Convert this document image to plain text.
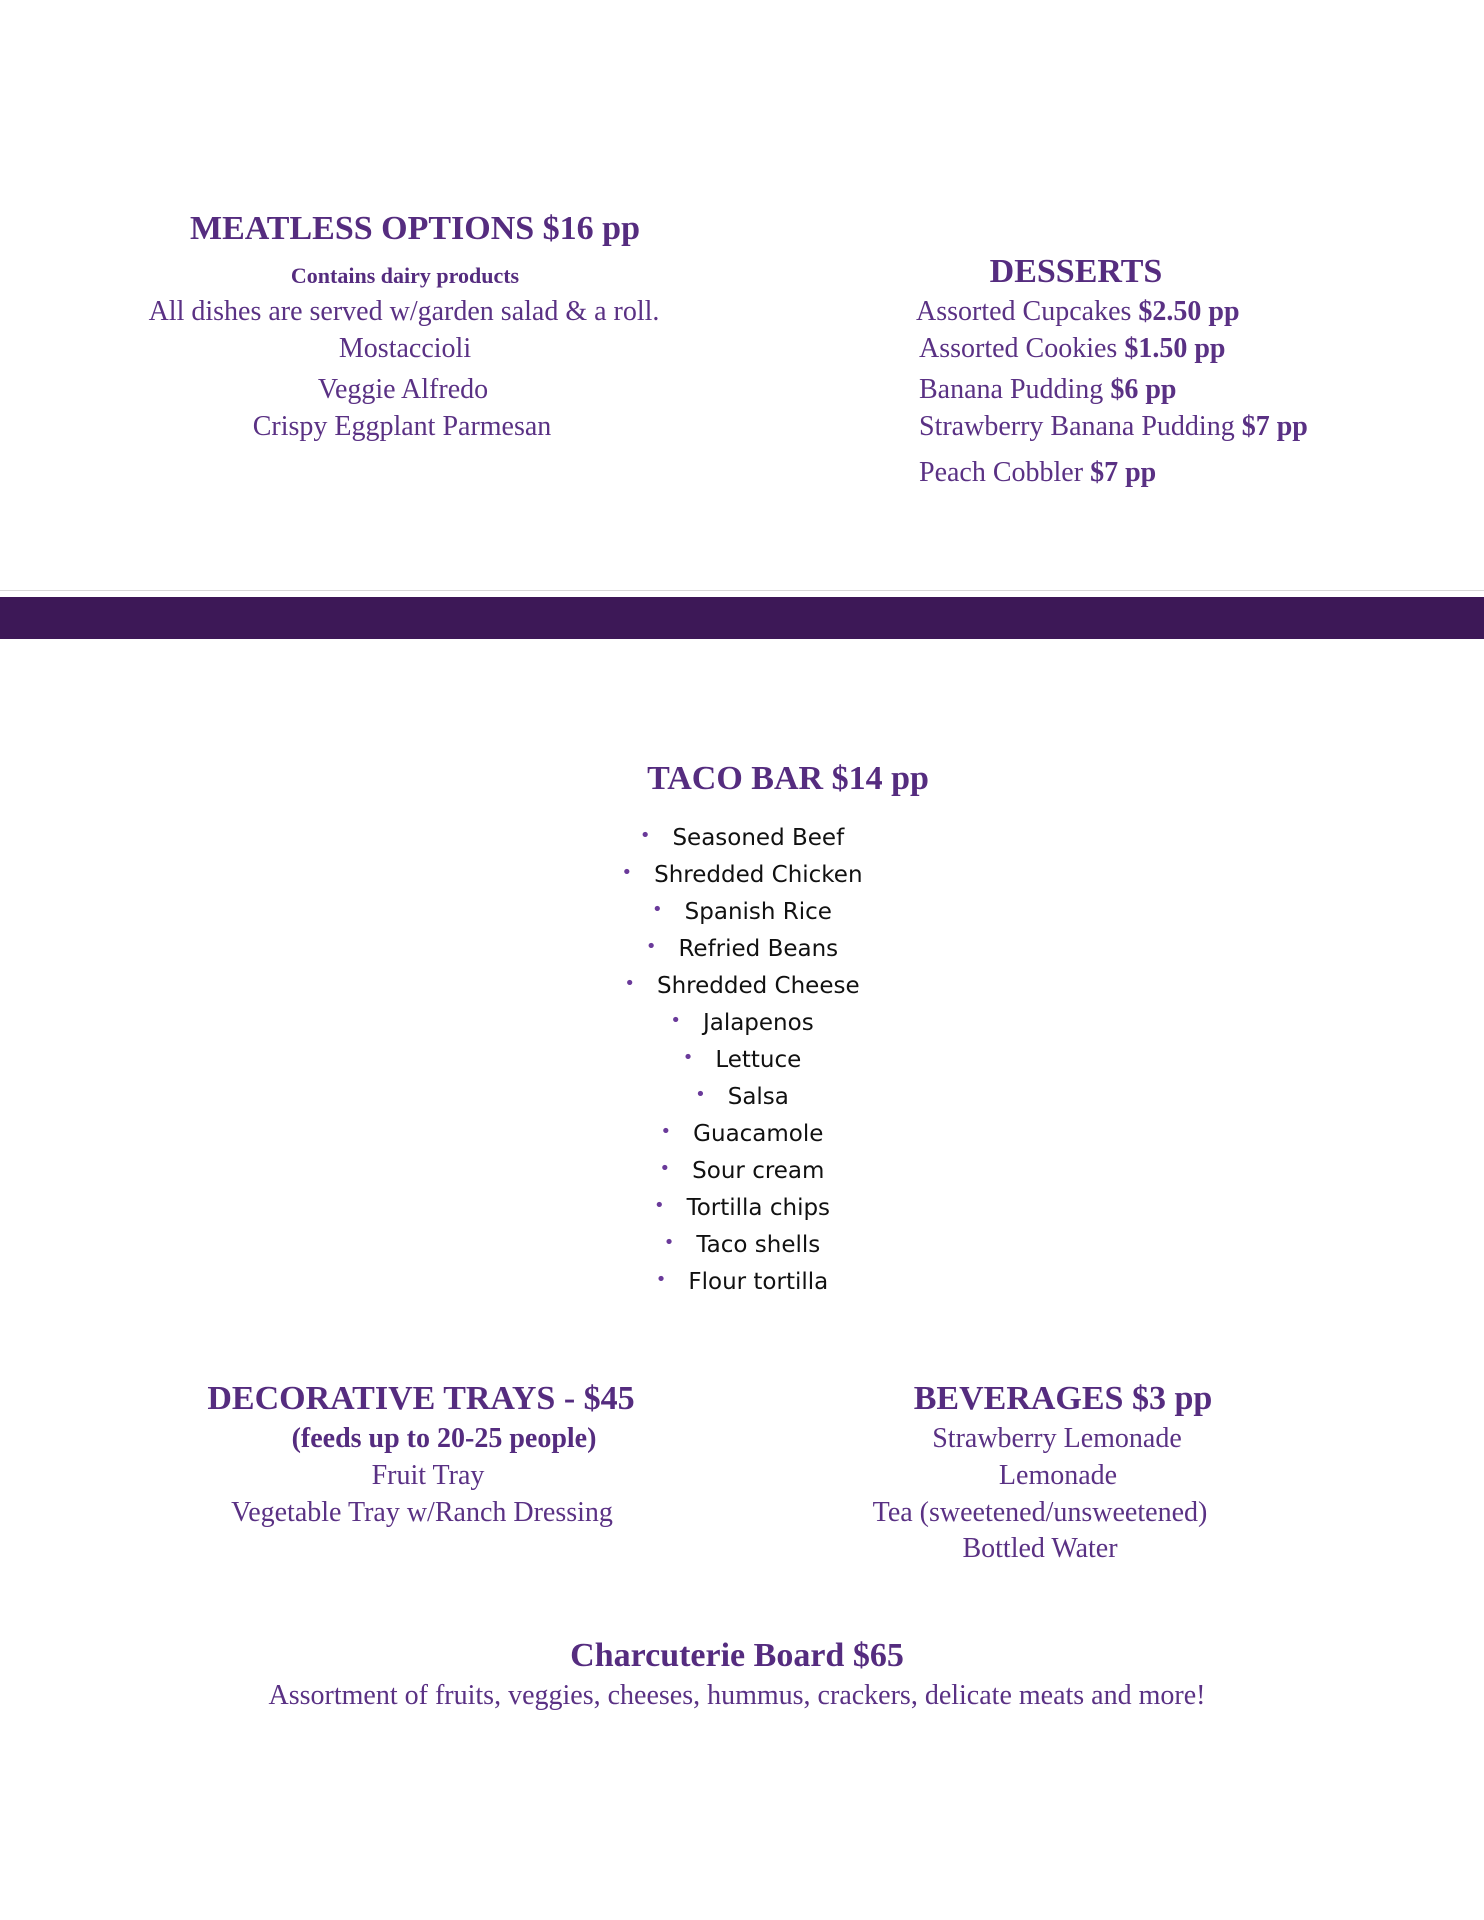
MEATLESS OPTIONS $16 pp
Contains dairy products
All dishes are served w/garden salad & a roll.
Mostaccioli
Veggie Alfredo
Crispy Eggplant Parmesan
DESSERTS
Assorted Cupcakes $2.50 pp
Assorted Cookies $1.50 pp
Banana Pudding $6 pp
Strawberry Banana Pudding $7 pp
Peach Cobbler $7 pp
TACO BAR $14 pp
• Seasoned Beef
• Shredded Chicken
• Spanish Rice
• Refried Beans
• Shredded Cheese
• Jalapenos
• Lettuce
• Salsa
• Guacamole
• Sour cream
• Tortilla chips
• Taco shells
• Flour tortilla
DECORATIVE TRAYS - $45
(feeds up to 20-25 people)
Fruit Tray
Vegetable Tray w/Ranch Dressing
BEVERAGES $3 pp
Strawberry Lemonade
Lemonade
Tea (sweetened/unsweetened)
Bottled Water
Charcuterie Board $65
Assortment of fruits, veggies, cheeses, hummus, crackers, delicate meats and more!
